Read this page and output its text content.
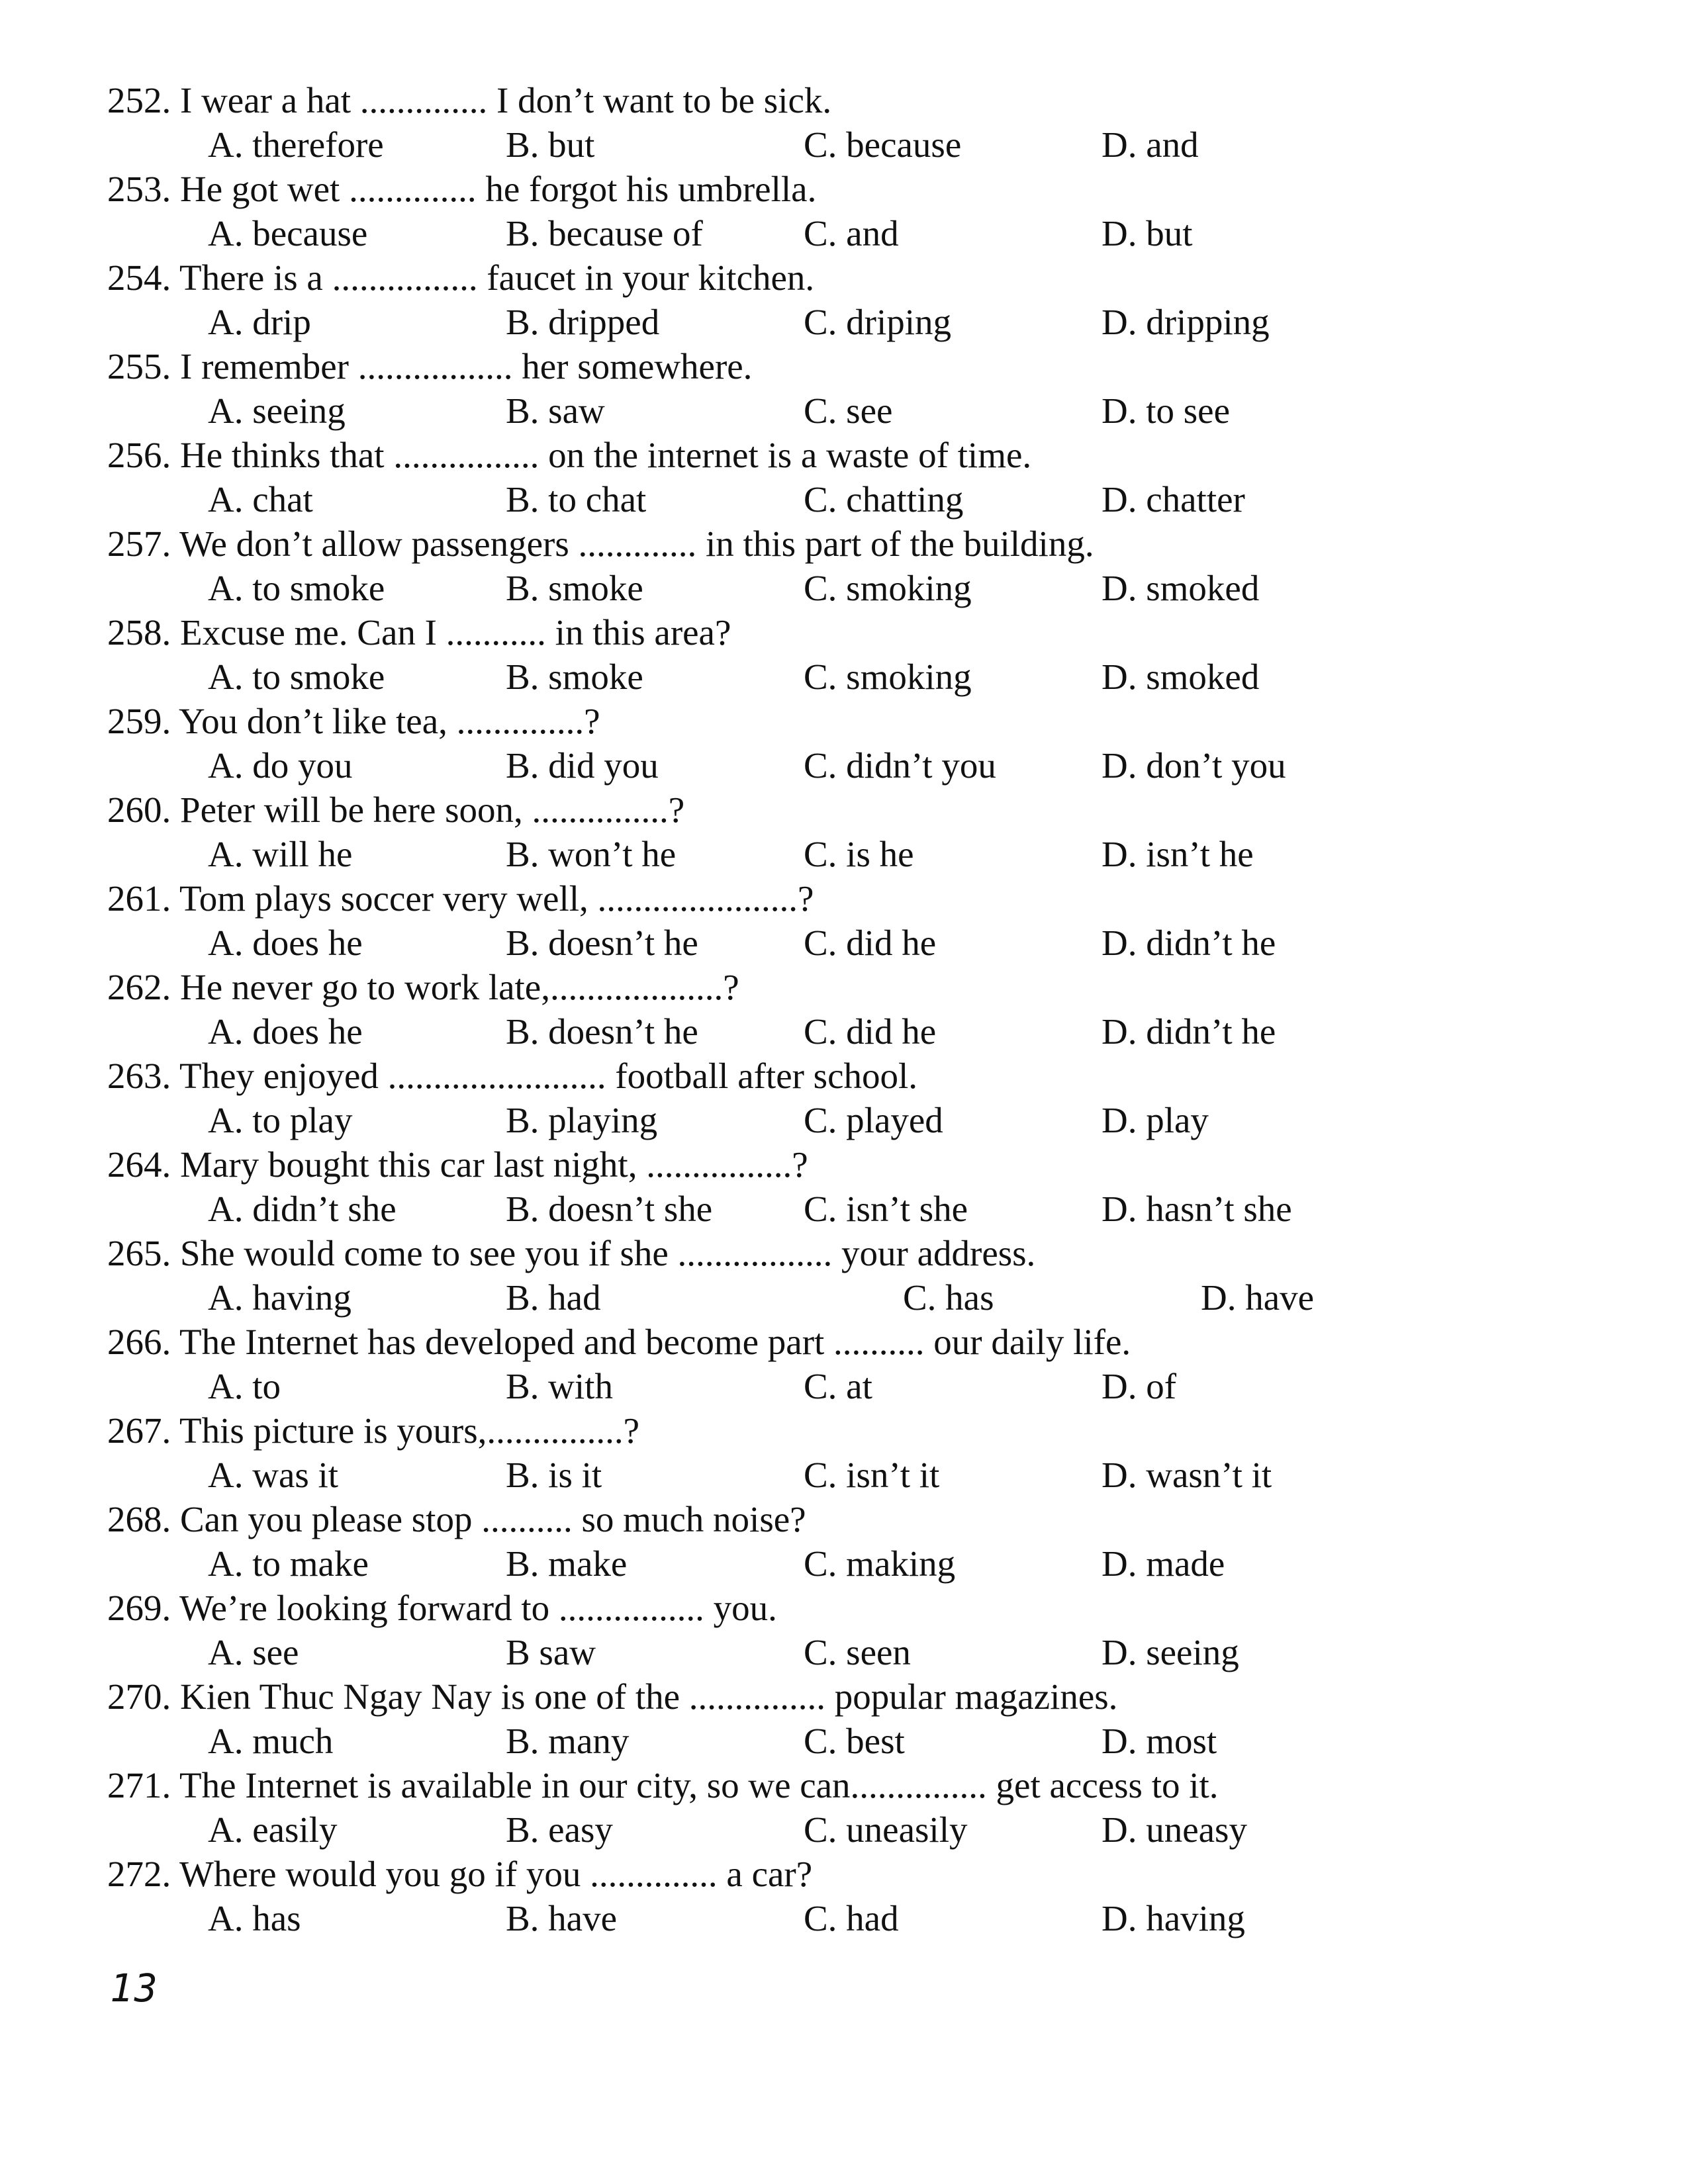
252. I wear a hat .............. I don’t want to be sick.

A. therefore

	B. but

	C. because

	D. and

253. He got wet .............. he forgot his umbrella.

A. because

	B. because of

	C. and

	D. but

254. There is a ................ faucet in your kitchen.

A. drip

	B. dripped

	C. driping

	D. dripping

255. I remember ................. her somewhere.

A. seeing

	B. saw

	C. see

	D. to see

256. He thinks that ................ on the internet is a waste of time.

A. chat

	B. to chat

	C. chatting

	D. chatter

257. We don’t allow passengers ............. in this part of the building.

A. to smoke

	B. smoke

	C. smoking

	D. smoked

258. Excuse me. Can I ........... in this area?

A. to smoke

	B. smoke

	C. smoking

	D. smoked

259. You don’t like tea, ..............?

A. do you

	B. did you

	C. didn’t you

	D. don’t you

260. Peter will be here soon, ...............?

A. will he

	B. won’t he

	C. is he

	D. isn’t he

261. Tom plays soccer very well, ......................?

A. does he

	B. doesn’t he

	C. did he

	D. didn’t he

262. He never go to work late,...................?

A. does he

	B. doesn’t he

	C. did he

	D. didn’t he

263. They enjoyed ........................ football after school.

A. to play

	B. playing

	C. played

	D. play

264. Mary bought this car last night, ................?

A. didn’t she

	B. doesn’t she

	C. isn’t she

	D. hasn’t she

265. She would come to see you if she ................. your address.

A. having

	B. had

	C. has

	D. have

266. The Internet has developed and become part .......... our daily life.

A. to

	B. with

	C. at

	D. of

267. This picture is yours,...............?

A. was it

	B. is it

	C. isn’t it

	D. wasn’t it

268. Can you please stop .......... so much noise?

A. to make

	B. make

	C. making

	D. made

269. We’re looking forward to ................ you.

A. see

	B saw

	C. seen

	D. seeing

270. Kien Thuc Ngay Nay is one of the ............... popular magazines.

A. much

	B. many

	C. best

	D. most

271. The Internet is available in our city, so we can............... get access to it.

A. easily

	B. easy

	C. uneasily

	D. uneasy

272. Where would you go if you .............. a car?

A. has

	B. have

	C. had

	D. having

13
